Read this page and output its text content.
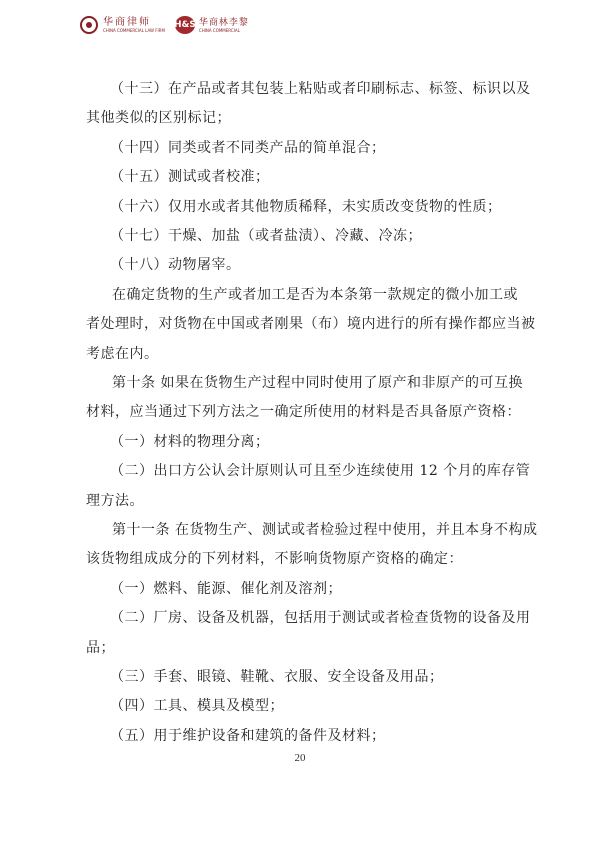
华商律师
CHINA COMMERCIAL LAW FIRM
H&S 华商林李黎
CHINA COMMERCIAL
（十三）在产品或者其包装上粘贴或者印刷标志、标签、标识以及
其他类似的区别标记；
（十四）同类或者不同类产品的简单混合；
（十五）测试或者校准；
（十六）仅用水或者其他物质稀释，未实质改变货物的性质；
（十七）干燥、加盐（或者盐渍）、冷藏、冷冻；
（十八）动物屠宰。
在确定货物的生产或者加工是否为本条第一款规定的微小加工或
者处理时，对货物在中国或者刚果（布）境内进行的所有操作都应当被
考虑在内。
第十条 如果在货物生产过程中同时使用了原产和非原产的可互换
材料，应当通过下列方法之一确定所使用的材料是否具备原产资格：
（一）材料的物理分离；
（二）出口方公认会计原则认可且至少连续使用 12 个月的库存管
理方法。
第十一条 在货物生产、测试或者检验过程中使用，并且本身不构成
该货物组成成分的下列材料，不影响货物原产资格的确定：
（一）燃料、能源、催化剂及溶剂；
（二）厂房、设备及机器，包括用于测试或者检查货物的设备及用
品；
（三）手套、眼镜、鞋靴、衣服、安全设备及用品；
（四）工具、模具及模型；
（五）用于维护设备和建筑的备件及材料；
20
